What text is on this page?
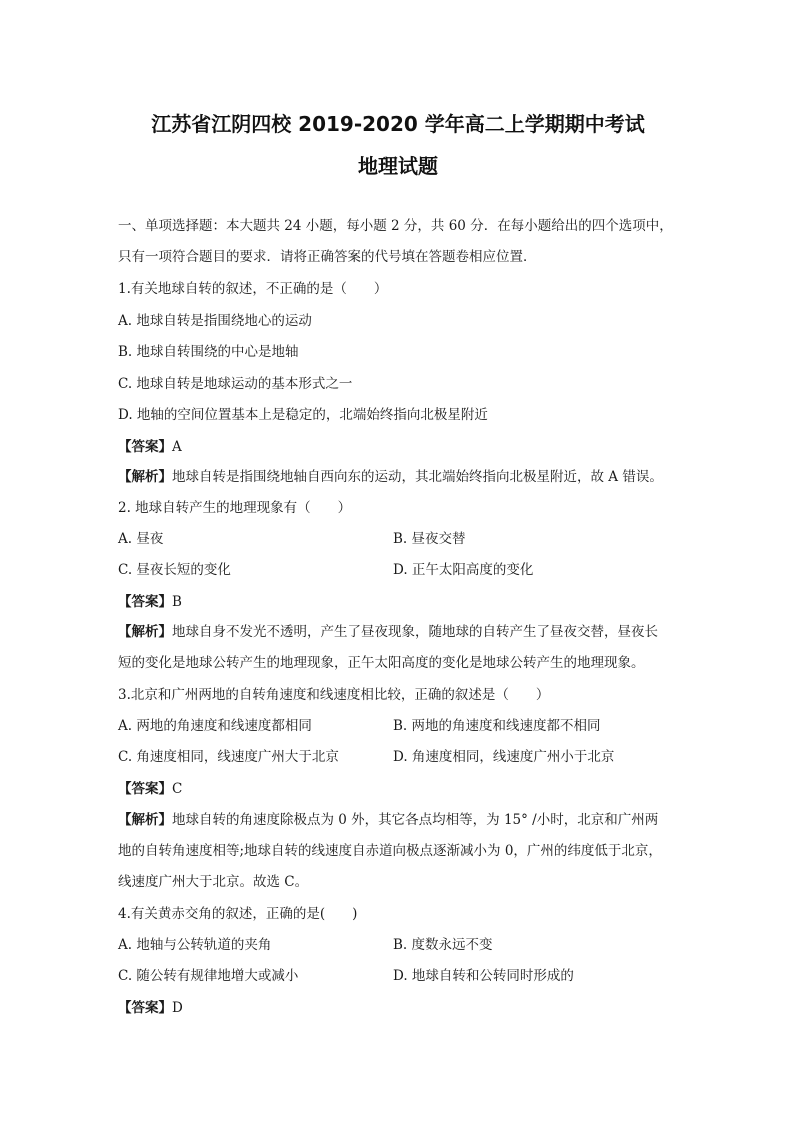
江苏省江阴四校 2019-2020 学年高二上学期期中考试
地理试题
一、单项选择题：本大题共 24 小题，每小题 2 分，共 60 分．在每小题给出的四个选项中，
只有一项符合题目的要求．请将正确答案的代号填在答题卷相应位置．
1.有关地球自转的叙述，不正确的是（　　）
A. 地球自转是指围绕地心的运动
B. 地球自转围绕的中心是地轴
C. 地球自转是地球运动的基本形式之一
D. 地轴的空间位置基本上是稳定的，北端始终指向北极星附近
【答案】A
【解析】地球自转是指围绕地轴自西向东的运动，其北端始终指向北极星附近，故 A 错误。
2. 地球自转产生的地理现象有（　　）
A. 昼夜	B. 昼夜交替
C. 昼夜长短的变化	D. 正午太阳高度的变化
【答案】B
【解析】地球自身不发光不透明，产生了昼夜现象，随地球的自转产生了昼夜交替，昼夜长
短的变化是地球公转产生的地理现象，正午太阳高度的变化是地球公转产生的地理现象。
3.北京和广州两地的自转角速度和线速度相比较，正确的叙述是（　　）
A. 两地的角速度和线速度都相同	B. 两地的角速度和线速度都不相同
C. 角速度相同，线速度广州大于北京	D. 角速度相同，线速度广州小于北京
【答案】C
【解析】地球自转的角速度除极点为 0 外，其它各点均相等，为 15° /小时，北京和广州两
地的自转角速度相等;地球自转的线速度自赤道向极点逐渐减小为 0，广州的纬度低于北京，
线速度广州大于北京。故选 C。
4.有关黄赤交角的叙述，正确的是(　　)
A. 地轴与公转轨道的夹角	B. 度数永远不变
C. 随公转有规律地增大或减小	D. 地球自转和公转同时形成的
【答案】D
